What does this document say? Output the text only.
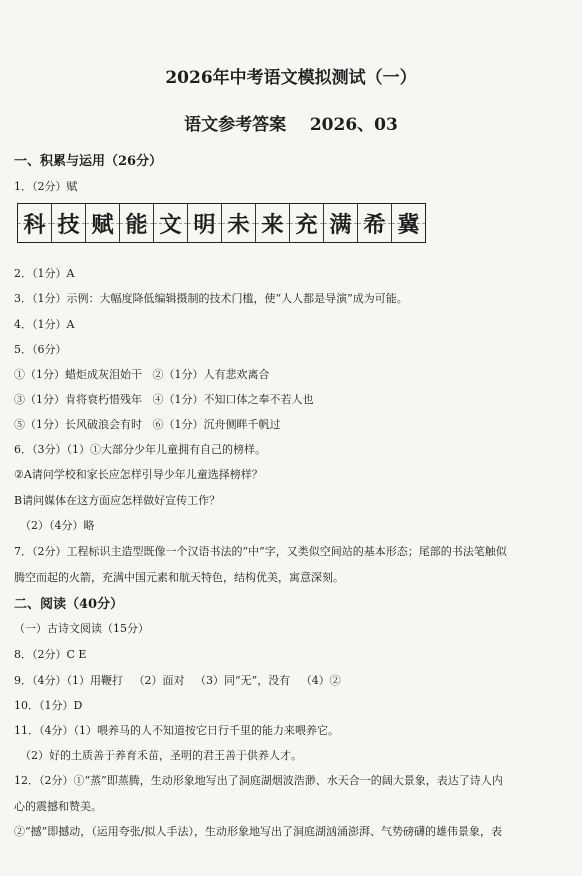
2026年中考语文模拟测试（一）
语文参考答案    2026、03
一、积累与运用（26分）
1．（2分）赋
科 技 赋 能 文 明 未 来 充 满 希 冀
2．（1分）A
3．（1分）示例：大幅度降低编辑摄制的技术门槛，使“人人都是导演”成为可能。
4．（1分）A
5．（6分）
①（1分）蜡炬成灰泪始干   ②（1分）人有悲欢离合
③（1分）肯将衰朽惜残年   ④（1分）不知口体之奉不若人也
⑤（1分）长风破浪会有时   ⑥（1分）沉舟侧畔千帆过
6．（3分）（1）①大部分少年儿童拥有自己的榜样。
②A请问学校和家长应怎样引导少年儿童选择榜样？
B请问媒体在这方面应怎样做好宣传工作？
（2）（4分）略
7．（2分）工程标识主造型既像一个汉语书法的“中”字，又类似空间站的基本形态；尾部的书法笔触似
腾空而起的火箭，充满中国元素和航天特色，结构优美，寓意深刻。
二、阅读（40分）
（一）古诗文阅读（15分）
8．（2分）C E
9．（4分）（1）用鞭打   （2）面对   （3）同“无”，没有   （4）②
10．（1分）D
11．（4分）（1）喂养马的人不知道按它日行千里的能力来喂养它。
（2）好的土质善于养育禾苗，圣明的君王善于供养人才。
12．（2分）①“蒸”即蒸腾，生动形象地写出了洞庭湖烟波浩渺、水天合一的阔大景象，表达了诗人内
心的震撼和赞美。
②“撼”即撼动，（运用夸张/拟人手法），生动形象地写出了洞庭湖汹涌澎湃、气势磅礴的雄伟景象，表
